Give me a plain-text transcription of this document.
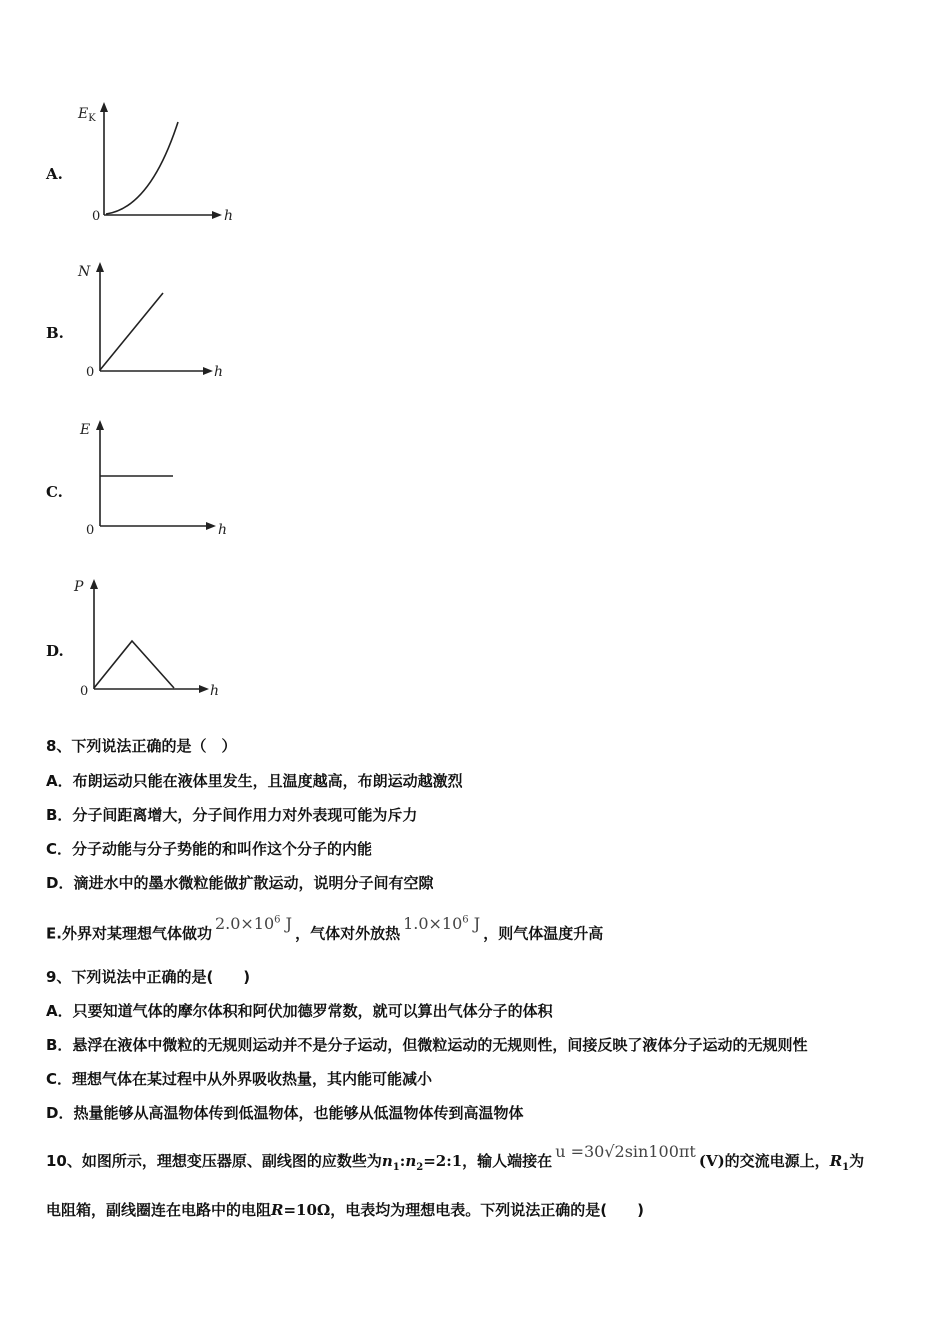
A.
$E_K$
0	h
B.
N
0	h
C.
E
0	h
D.
P
0	h
8、下列说法正确的是（　）
A．布朗运动只能在液体里发生，且温度越高，布朗运动越激烈
B．分子间距离增大，分子间作用力对外表现可能为斥力
C．分子动能与分子势能的和叫作这个分子的内能
D．滴进水中的墨水微粒能做扩散运动，说明分子间有空隙
E.外界对某理想气体做功 $2.0\times 10^6$ J ，气体对外放热 $1.0\times 10^6$ J ，则气体温度升高
9、下列说法中正确的是(　　)
A．只要知道气体的摩尔体积和阿伏加德罗常数，就可以算出气体分子的体积
B．悬浮在液体中微粒的无规则运动并不是分子运动，但微粒运动的无规则性，间接反映了液体分子运动的无规则性
C．理想气体在某过程中从外界吸收热量，其内能可能减小
D．热量能够从高温物体传到低温物体，也能够从低温物体传到高温物体
10、如图所示，理想变压器原、副线图的应数些为$n_1:n_2=2:1$，输人端接在 u =30√2sin100πt (V)的交流电源上，$R_1$为
电阻箱，副线圈连在电路中的电阻R=10Ω，电表均为理想电表。下列说法正确的是(　　)
